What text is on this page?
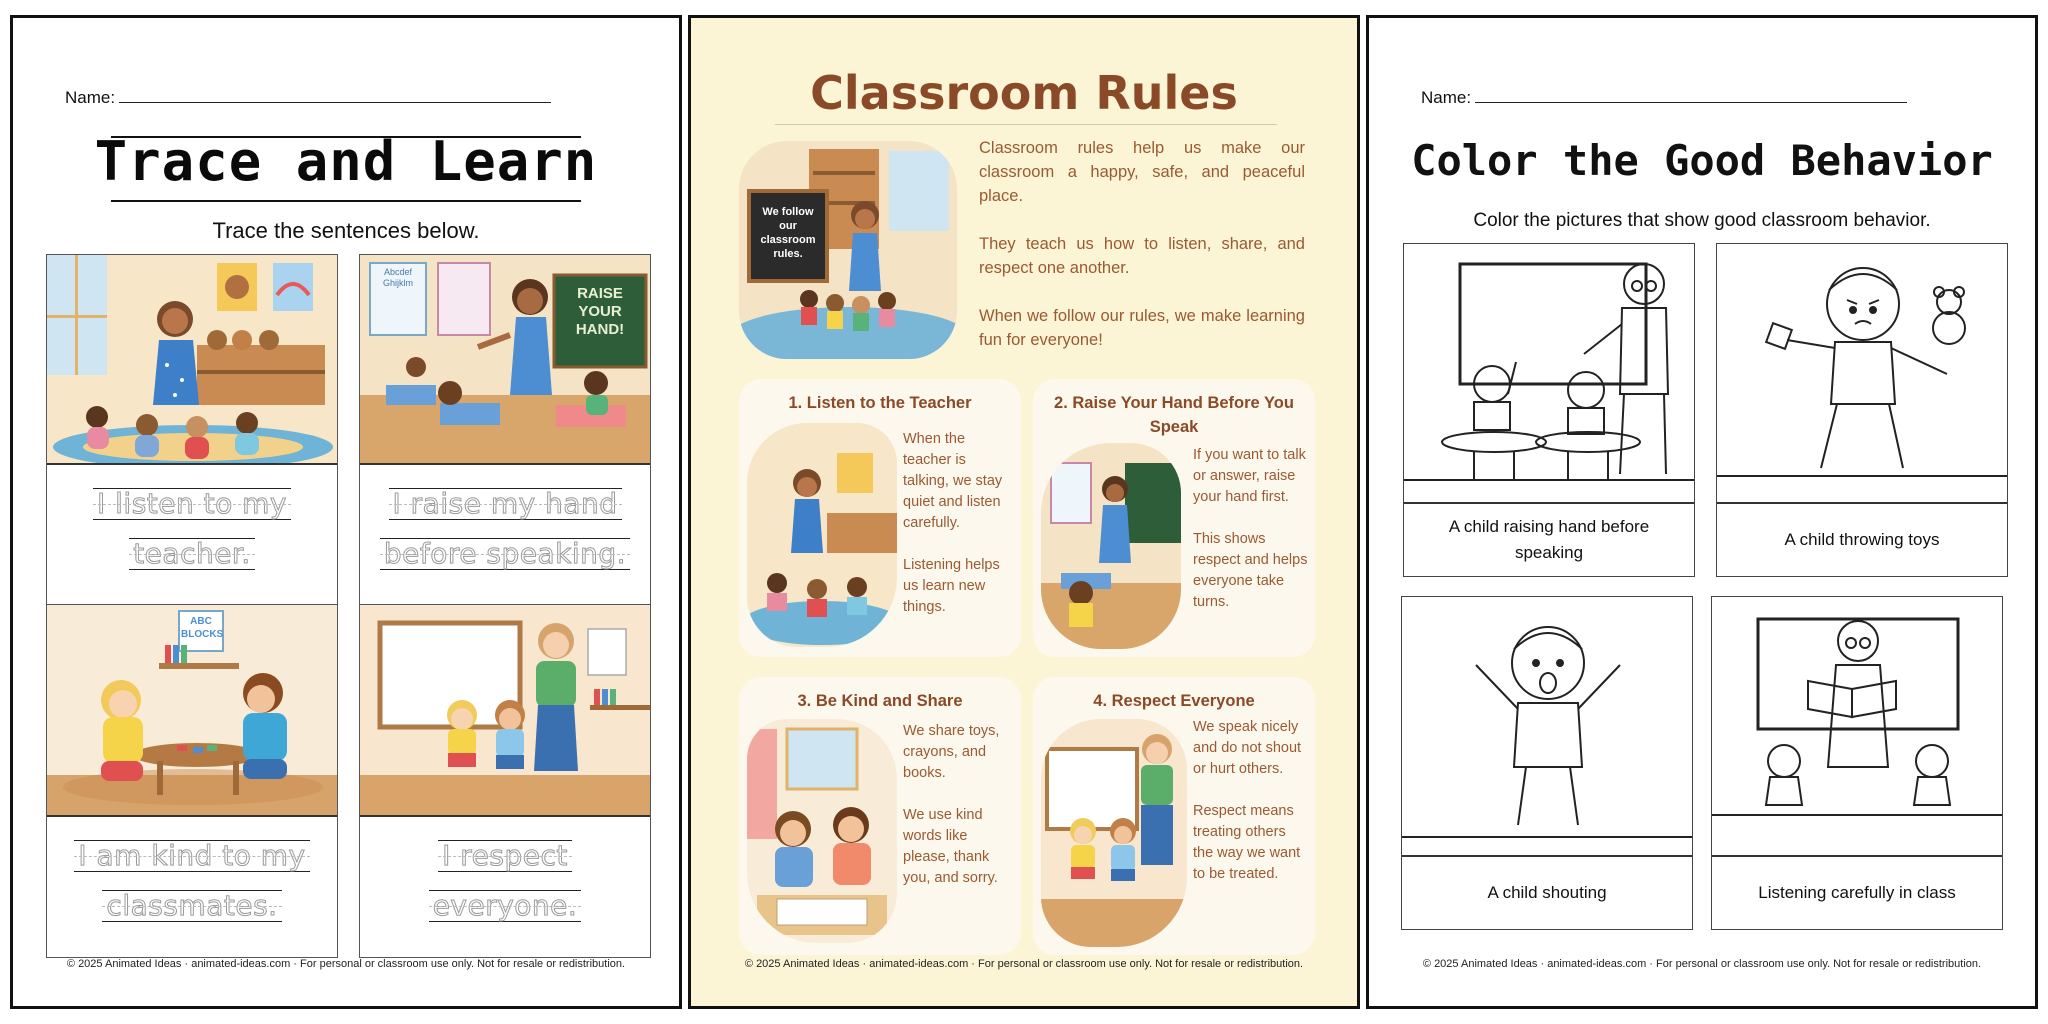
Name:
Trace and Learn
Trace the sentences below.
I listen to my
teacher.
RAISE YOUR HAND!
Abcdef Ghijklm
I raise my hand
before speaking.
ABC BLOCKS
I am kind to my
classmates.
I respect
everyone.
© 2025 Animated Ideas · animated-ideas.com · For personal or classroom use only. Not for resale or redistribution.
Classroom Rules
We follow our classroom rules.

Classroom rules help us make our classroom a happy, safe, and peaceful place.

They teach us how to listen, share, and respect one another.

When we follow our rules, we make learning fun for everyone!

1. Listen to the Teacher

When the teacher is talking, we stay quiet and listen carefully.

Listening helps us learn new things.

2. Raise Your Hand Before You Speak

If you want to talk or answer, raise your hand first.

This shows respect and helps everyone take turns.

3. Be Kind and Share

We share toys, crayons, and books.

We use kind words like please, thank you, and sorry.

4. Respect Everyone

We speak nicely and do not shout or hurt others.

Respect means treating others the way we want to be treated.

© 2025 Animated Ideas · animated-ideas.com · For personal or classroom use only. Not for resale or redistribution.
Name:
Color the Good Behavior
Color the pictures that show good classroom behavior.
A child raising hand before speaking
A child throwing toys
A child shouting	Listening carefully in class
© 2025 Animated Ideas · animated-ideas.com · For personal or classroom use only. Not for resale or redistribution.
